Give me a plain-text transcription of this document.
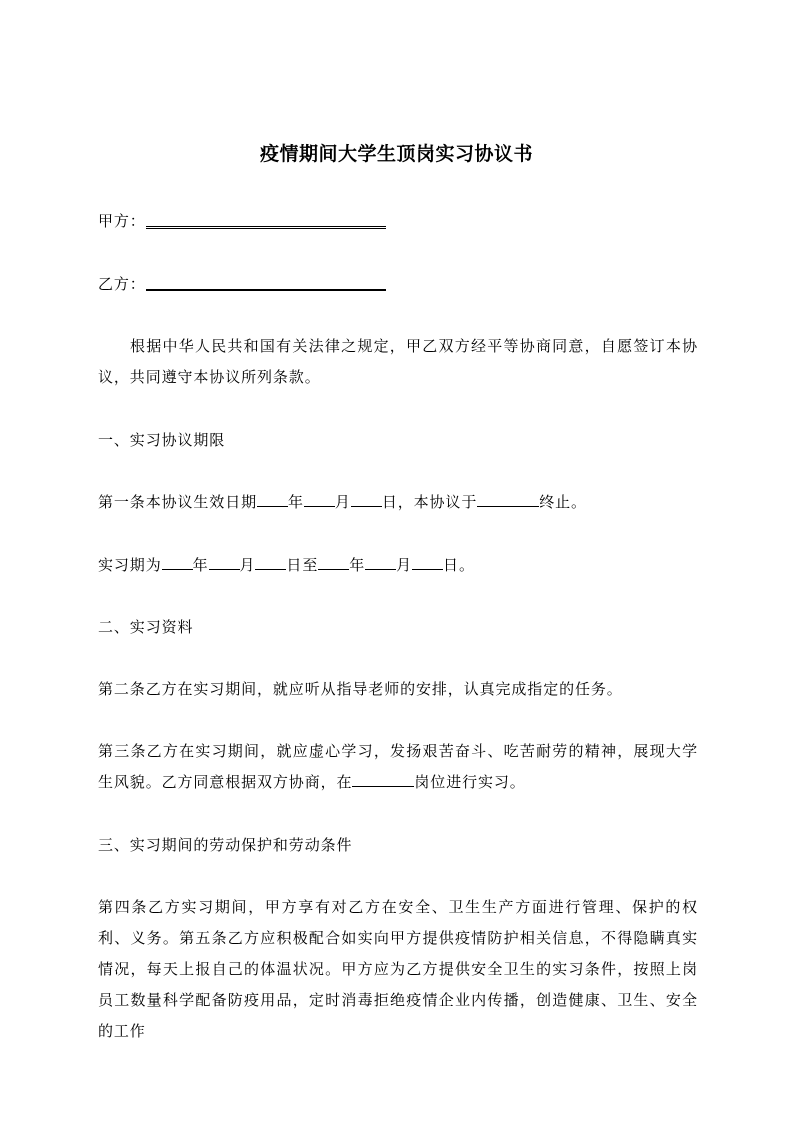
疫情期间大学生顶岗实习协议书
甲方：
乙方：
根据中华人民共和国有关法律之规定，甲乙双方经平等协商同意，自愿签订本协议，共同遵守本协议所列条款。
一、实习协议期限
第一条本协议生效日期 年 月 日，本协议于	终止。
实习期为 年 月 日至 年 月 日。
二、实习资料
第二条乙方在实习期间，就应听从指导老师的安排，认真完成指定的任务。
第三条乙方在实习期间，就应虚心学习，发扬艰苦奋斗、吃苦耐劳的精神，展现大学生风貌。乙方同意根据双方协商，在	岗位进行实习。
三、实习期间的劳动保护和劳动条件
第四条乙方实习期间，甲方享有对乙方在安全、卫生生产方面进行管理、保护的权利、义务。第五条乙方应积极配合如实向甲方提供疫情防护相关信息，不得隐瞒真实情况，每天上报自己的体温状况。甲方应为乙方提供安全卫生的实习条件，按照上岗员工数量科学配备防疫用品，定时消毒拒绝疫情企业内传播，创造健康、卫生、安全的工作
